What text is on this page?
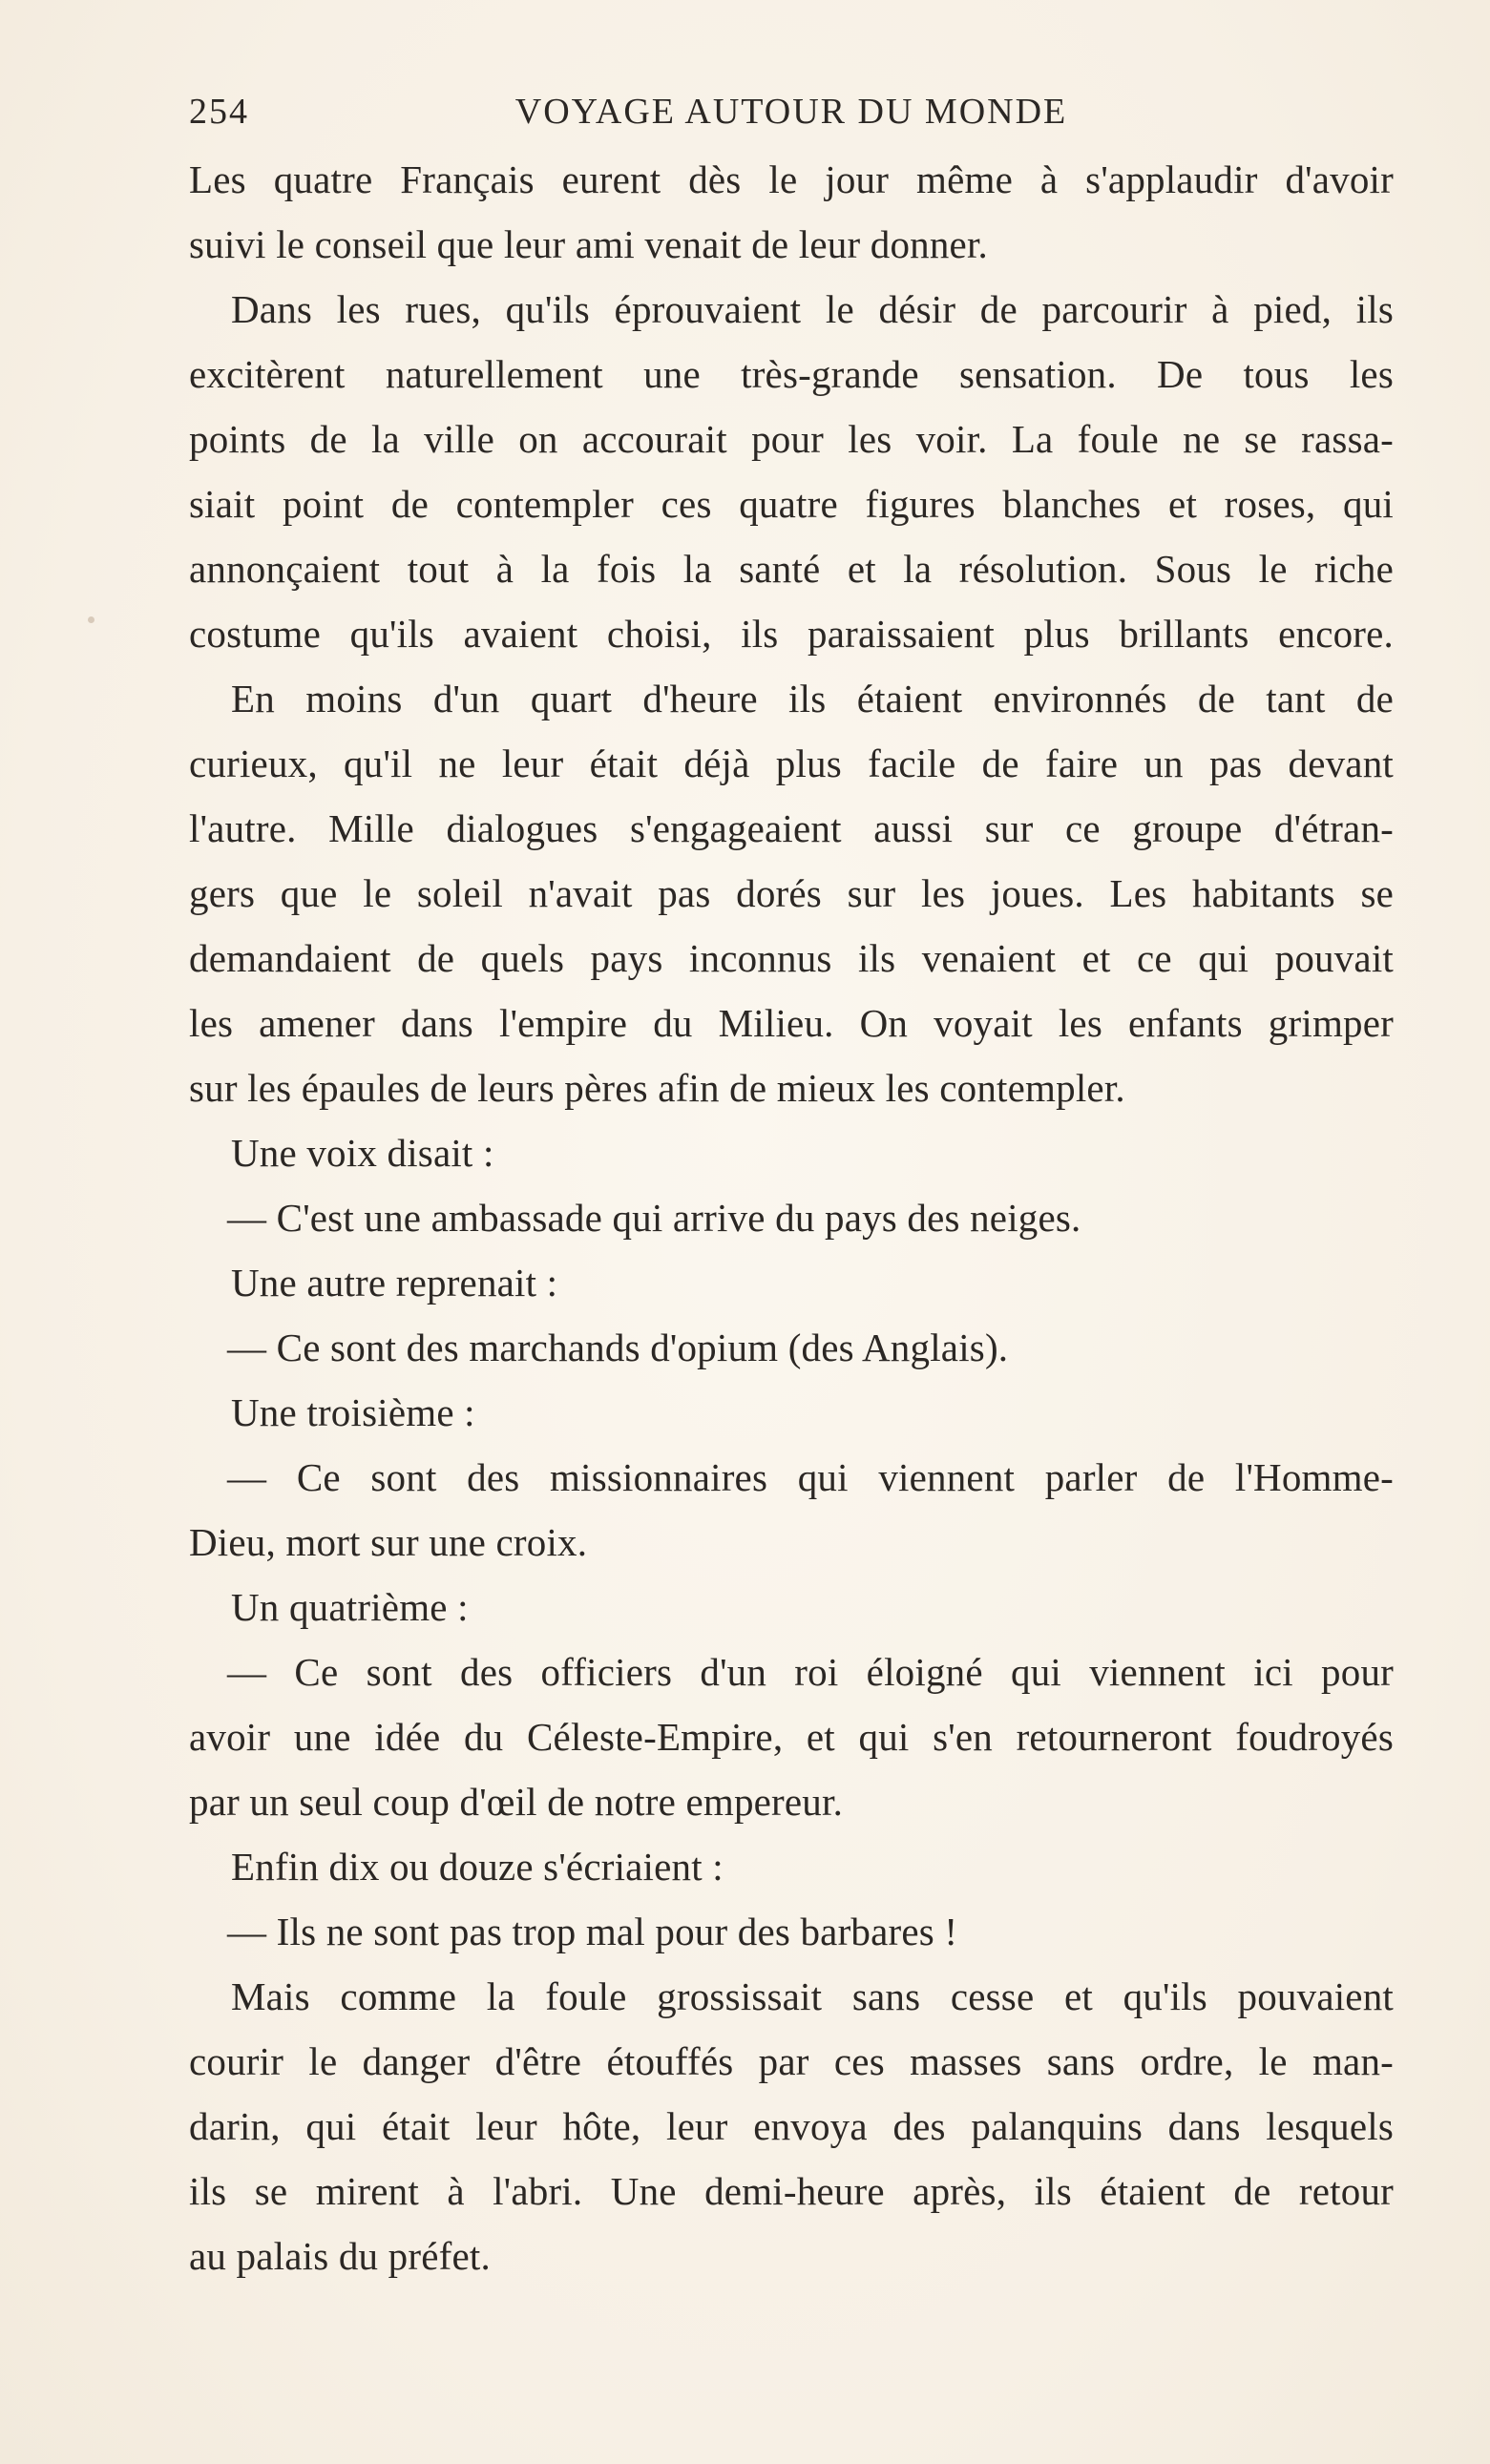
254	VOYAGE AUTOUR DU MONDE
Les quatre Français eurent dès le jour même à s'applaudir d'avoir
suivi le conseil que leur ami venait de leur donner.
Dans les rues, qu'ils éprouvaient le désir de parcourir à pied, ils
excitèrent naturellement une très-grande sensation. De tous les
points de la ville on accourait pour les voir. La foule ne se rassa-
siait point de contempler ces quatre figures blanches et roses, qui
annonçaient tout à la fois la santé et la résolution. Sous le riche
costume qu'ils avaient choisi, ils paraissaient plus brillants encore.
En moins d'un quart d'heure ils étaient environnés de tant de
curieux, qu'il ne leur était déjà plus facile de faire un pas devant
l'autre. Mille dialogues s'engageaient aussi sur ce groupe d'étran-
gers que le soleil n'avait pas dorés sur les joues. Les habitants se
demandaient de quels pays inconnus ils venaient et ce qui pouvait
les amener dans l'empire du Milieu. On voyait les enfants grimper
sur les épaules de leurs pères afin de mieux les contempler.
Une voix disait :
— C'est une ambassade qui arrive du pays des neiges.
Une autre reprenait :
— Ce sont des marchands d'opium (des Anglais).
Une troisième :
— Ce sont des missionnaires qui viennent parler de l'Homme-
Dieu, mort sur une croix.
Un quatrième :
— Ce sont des officiers d'un roi éloigné qui viennent ici pour
avoir une idée du Céleste-Empire, et qui s'en retourneront foudroyés
par un seul coup d'œil de notre empereur.
Enfin dix ou douze s'écriaient :
— Ils ne sont pas trop mal pour des barbares !
Mais comme la foule grossissait sans cesse et qu'ils pouvaient
courir le danger d'être étouffés par ces masses sans ordre, le man-
darin, qui était leur hôte, leur envoya des palanquins dans lesquels
ils se mirent à l'abri. Une demi-heure après, ils étaient de retour
au palais du préfet.
